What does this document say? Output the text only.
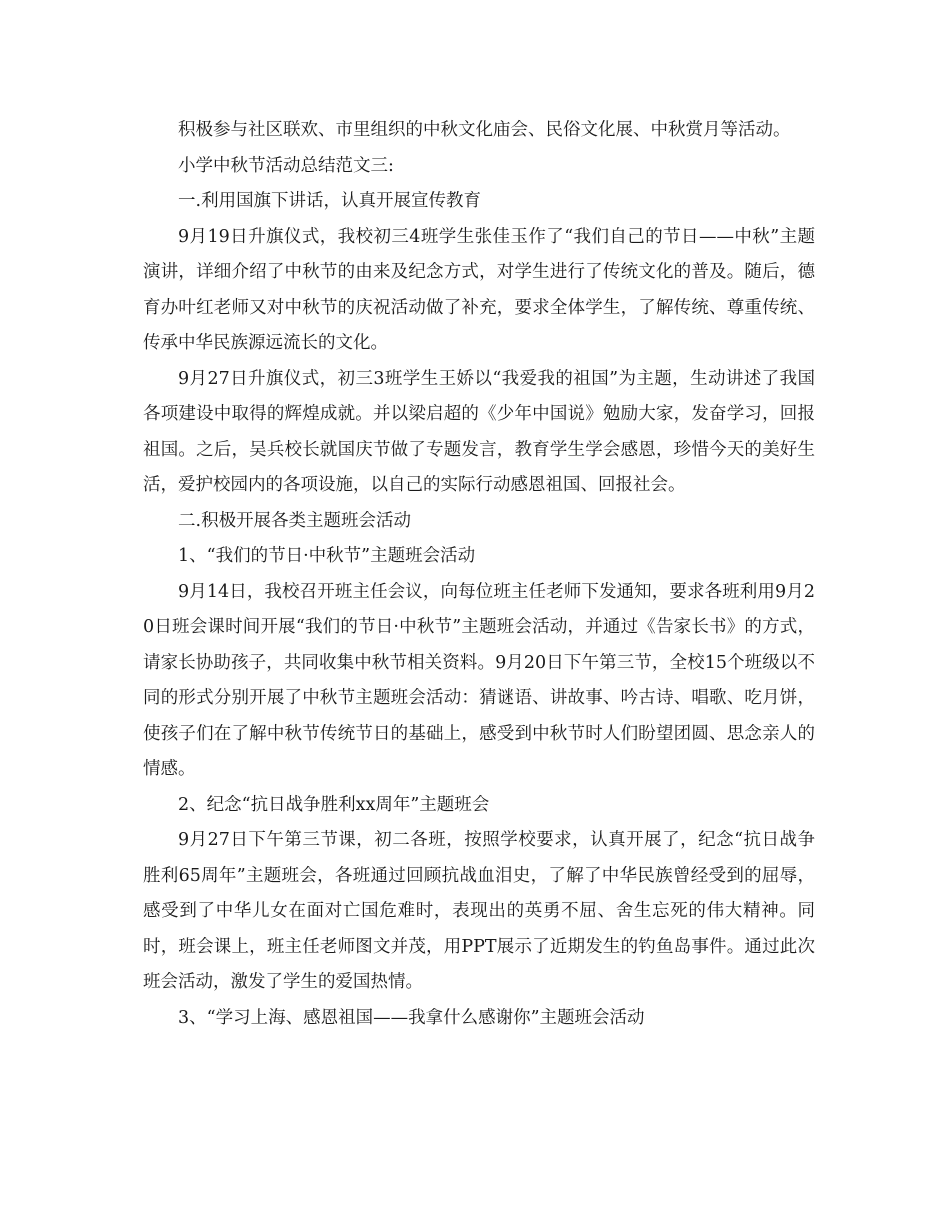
积极参与社区联欢、市里组织的中秋文化庙会、民俗文化展、中秋赏月等活动。

小学中秋节活动总结范文三:

一.利用国旗下讲话，认真开展宣传教育

9月19日升旗仪式，我校初三4班学生张佳玉作了“我们自己的节日——中秋”主题演讲，详细介绍了中秋节的由来及纪念方式，对学生进行了传统文化的普及。随后，德育办叶红老师又对中秋节的庆祝活动做了补充，要求全体学生，了解传统、尊重传统、传承中华民族源远流长的文化。

9月27日升旗仪式，初三3班学生王娇以“我爱我的祖国”为主题，生动讲述了我国各项建设中取得的辉煌成就。并以梁启超的《少年中国说》勉励大家，发奋学习，回报祖国。之后，吴兵校长就国庆节做了专题发言，教育学生学会感恩，珍惜今天的美好生活，爱护校园内的各项设施，以自己的实际行动感恩祖国、回报社会。

二.积极开展各类主题班会活动

1、“我们的节日·中秋节”主题班会活动

9月14日，我校召开班主任会议，向每位班主任老师下发通知，要求各班利用9月20日班会课时间开展“我们的节日·中秋节”主题班会活动，并通过《告家长书》的方式，请家长协助孩子，共同收集中秋节相关资料。9月20日下午第三节，全校15个班级以不同的形式分别开展了中秋节主题班会活动：猜谜语、讲故事、吟古诗、唱歌、吃月饼，使孩子们在了解中秋节传统节日的基础上，感受到中秋节时人们盼望团圆、思念亲人的情感。

2、纪念“抗日战争胜利xx周年”主题班会

9月27日下午第三节课，初二各班，按照学校要求，认真开展了，纪念“抗日战争胜利65周年”主题班会，各班通过回顾抗战血泪史，了解了中华民族曾经受到的屈辱，感受到了中华儿女在面对亡国危难时，表现出的英勇不屈、舍生忘死的伟大精神。同时，班会课上，班主任老师图文并茂，用PPT展示了近期发生的钓鱼岛事件。通过此次班会活动，激发了学生的爱国热情。

3、“学习上海、感恩祖国——我拿什么感谢你”主题班会活动
